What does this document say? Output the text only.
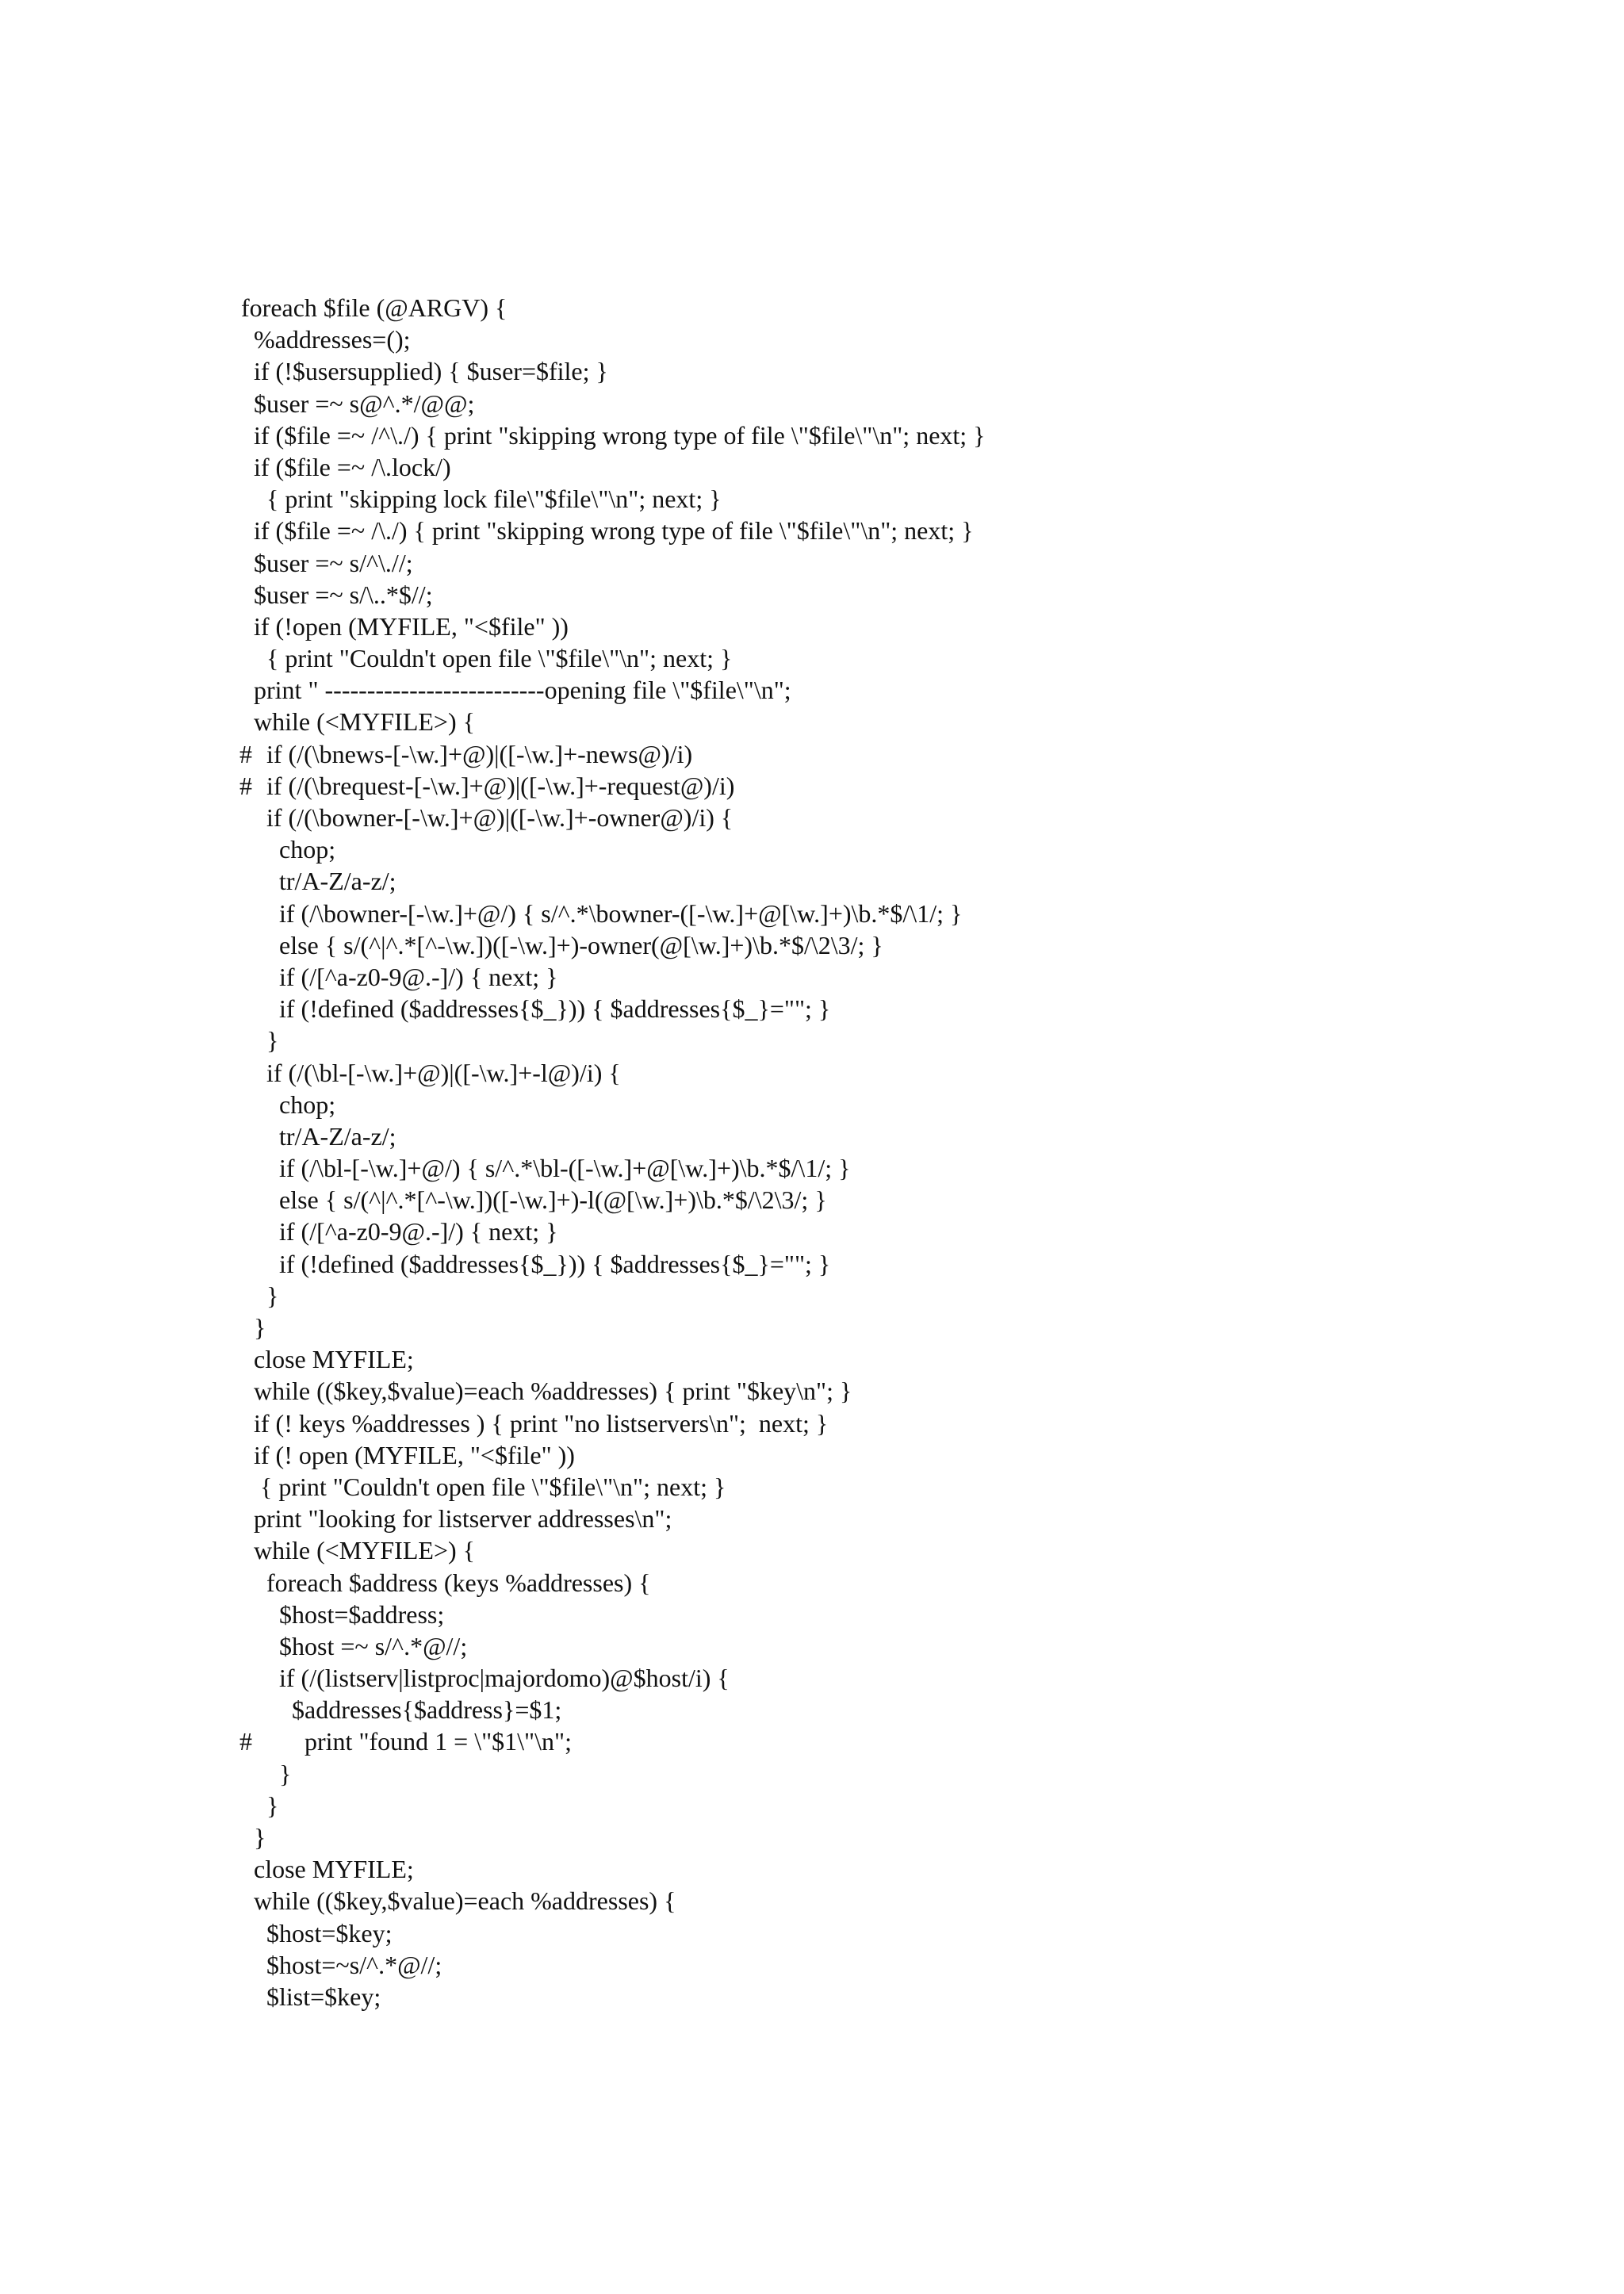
foreach $file (@ARGV) {
%addresses=();
if (!$usersupplied) { $user=$file; }
$user =~ s@^.*/@@;
if ($file =~ /^\./) { print "skipping wrong type of file \"$file\"\n"; next; }
if ($file =~ /\.lock/)
{ print "skipping lock file\"$file\"\n"; next; }
if ($file =~ /\./) { print "skipping wrong type of file \"$file\"\n"; next; }
$user =~ s/^\.//;
$user =~ s/\..*$//;
if (!open (MYFILE, "<$file" ))
{ print "Couldn't open file \"$file\"\n"; next; }
print " --------------------------opening file \"$file\"\n";
while (<MYFILE>) {
# if (/(\bnews-[-\w.]+@)|([-\w.]+-news@)/i)
# if (/(\brequest-[-\w.]+@)|([-\w.]+-request@)/i)
if (/(\bowner-[-\w.]+@)|([-\w.]+-owner@)/i) {
chop;
tr/A-Z/a-z/;
if (/\bowner-[-\w.]+@/) { s/^.*\bowner-([-\w.]+@[\w.]+)\b.*$/\1/; }
else { s/(^|^.*[^-\w.])([-\w.]+)-owner(@[\w.]+)\b.*$/\2\3/; }
if (/[^a-z0-9@.-]/) { next; }
if (!defined ($addresses{$_})) { $addresses{$_}=""; }
}
if (/(\bl-[-\w.]+@)|([-\w.]+-l@)/i) {
chop;
tr/A-Z/a-z/;
if (/\bl-[-\w.]+@/) { s/^.*\bl-([-\w.]+@[\w.]+)\b.*$/\1/; }
else { s/(^|^.*[^-\w.])([-\w.]+)-l(@[\w.]+)\b.*$/\2\3/; }
if (/[^a-z0-9@.-]/) { next; }
if (!defined ($addresses{$_})) { $addresses{$_}=""; }
}
}
close MYFILE;
while (($key,$value)=each %addresses) { print "$key\n"; }
if (! keys %addresses ) { print "no listservers\n";  next; }
if (! open (MYFILE, "<$file" ))
{ print "Couldn't open file \"$file\"\n"; next; }
print "looking for listserver addresses\n";
while (<MYFILE>) {
foreach $address (keys %addresses) {
$host=$address;
$host =~ s/^.*@//;
if (/(listserv|listproc|majordomo)@$host/i) {
$addresses{$address}=$1;
# print "found 1 = \"$1\"\n";
}
}
}
close MYFILE;
while (($key,$value)=each %addresses) {
$host=$key;
$host=~s/^.*@//;
$list=$key;
